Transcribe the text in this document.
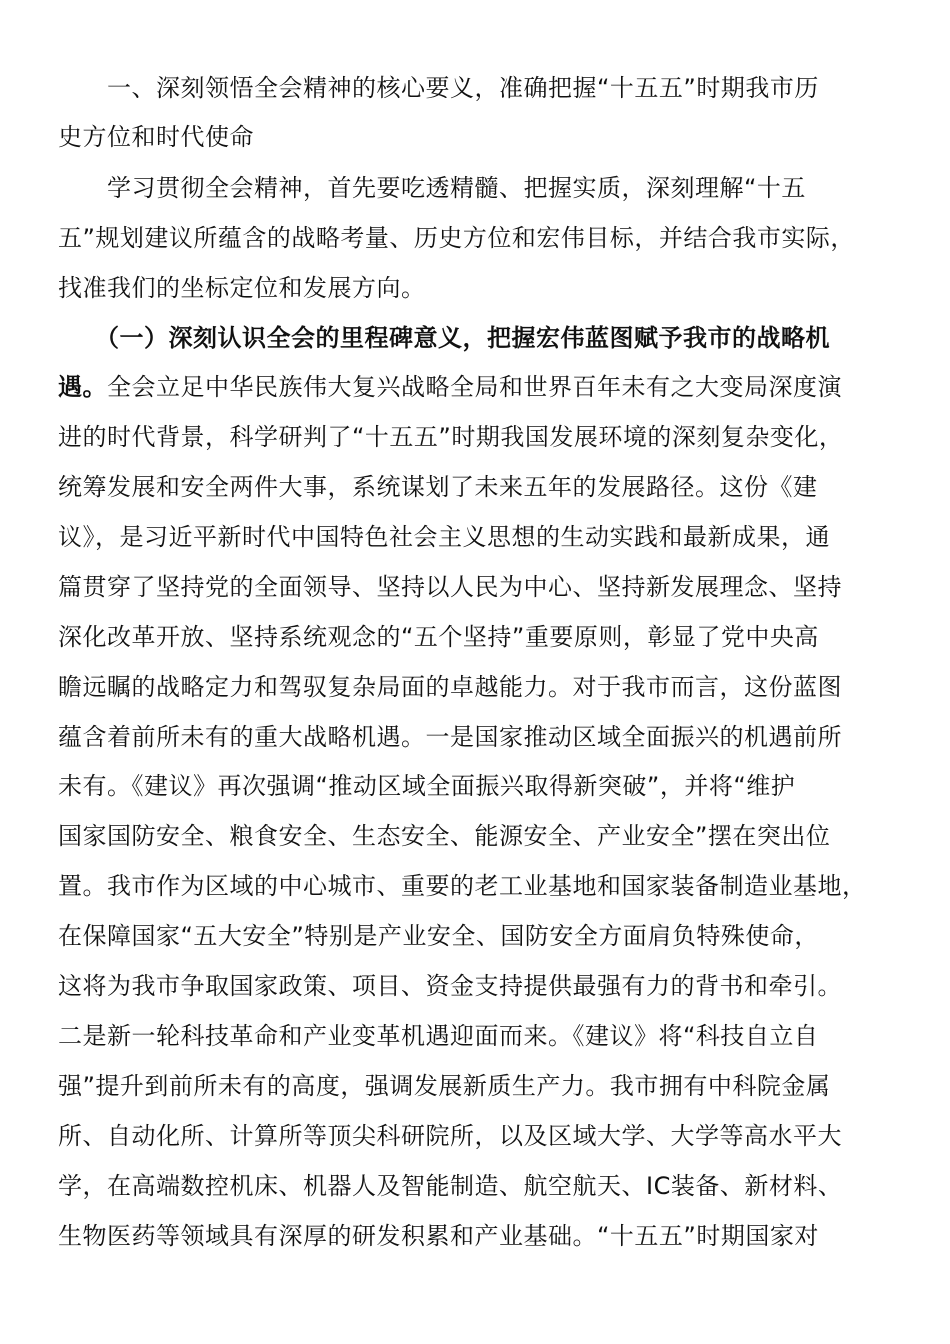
　　一、深刻领悟全会精神的核心要义，准确把握“十五五”时期我市历
史方位和时代使命
　　学习贯彻全会精神，首先要吃透精髓、把握实质，深刻理解“十五
五”规划建议所蕴含的战略考量、历史方位和宏伟目标，并结合我市实际，
找准我们的坐标定位和发展方向。
　　（一）深刻认识全会的里程碑意义，把握宏伟蓝图赋予我市的战略机
遇。全会立足中华民族伟大复兴战略全局和世界百年未有之大变局深度演
进的时代背景，科学研判了“十五五”时期我国发展环境的深刻复杂变化，
统筹发展和安全两件大事，系统谋划了未来五年的发展路径。这份《建
议》，是习近平新时代中国特色社会主义思想的生动实践和最新成果，通
篇贯穿了坚持党的全面领导、坚持以人民为中心、坚持新发展理念、坚持
深化改革开放、坚持系统观念的“五个坚持”重要原则，彰显了党中央高
瞻远瞩的战略定力和驾驭复杂局面的卓越能力。对于我市而言，这份蓝图
蕴含着前所未有的重大战略机遇。一是国家推动区域全面振兴的机遇前所
未有。《建议》再次强调“推动区域全面振兴取得新突破”，并将“维护
国家国防安全、粮食安全、生态安全、能源安全、产业安全”摆在突出位
置。我市作为区域的中心城市、重要的老工业基地和国家装备制造业基地，
在保障国家“五大安全”特别是产业安全、国防安全方面肩负特殊使命，
这将为我市争取国家政策、项目、资金支持提供最强有力的背书和牵引。
二是新一轮科技革命和产业变革机遇迎面而来。《建议》将“科技自立自
强”提升到前所未有的高度，强调发展新质生产力。我市拥有中科院金属
所、自动化所、计算所等顶尖科研院所，以及区域大学、大学等高水平大
学，在高端数控机床、机器人及智能制造、航空航天、IC装备、新材料、
生物医药等领域具有深厚的研发积累和产业基础。“十五五”时期国家对
